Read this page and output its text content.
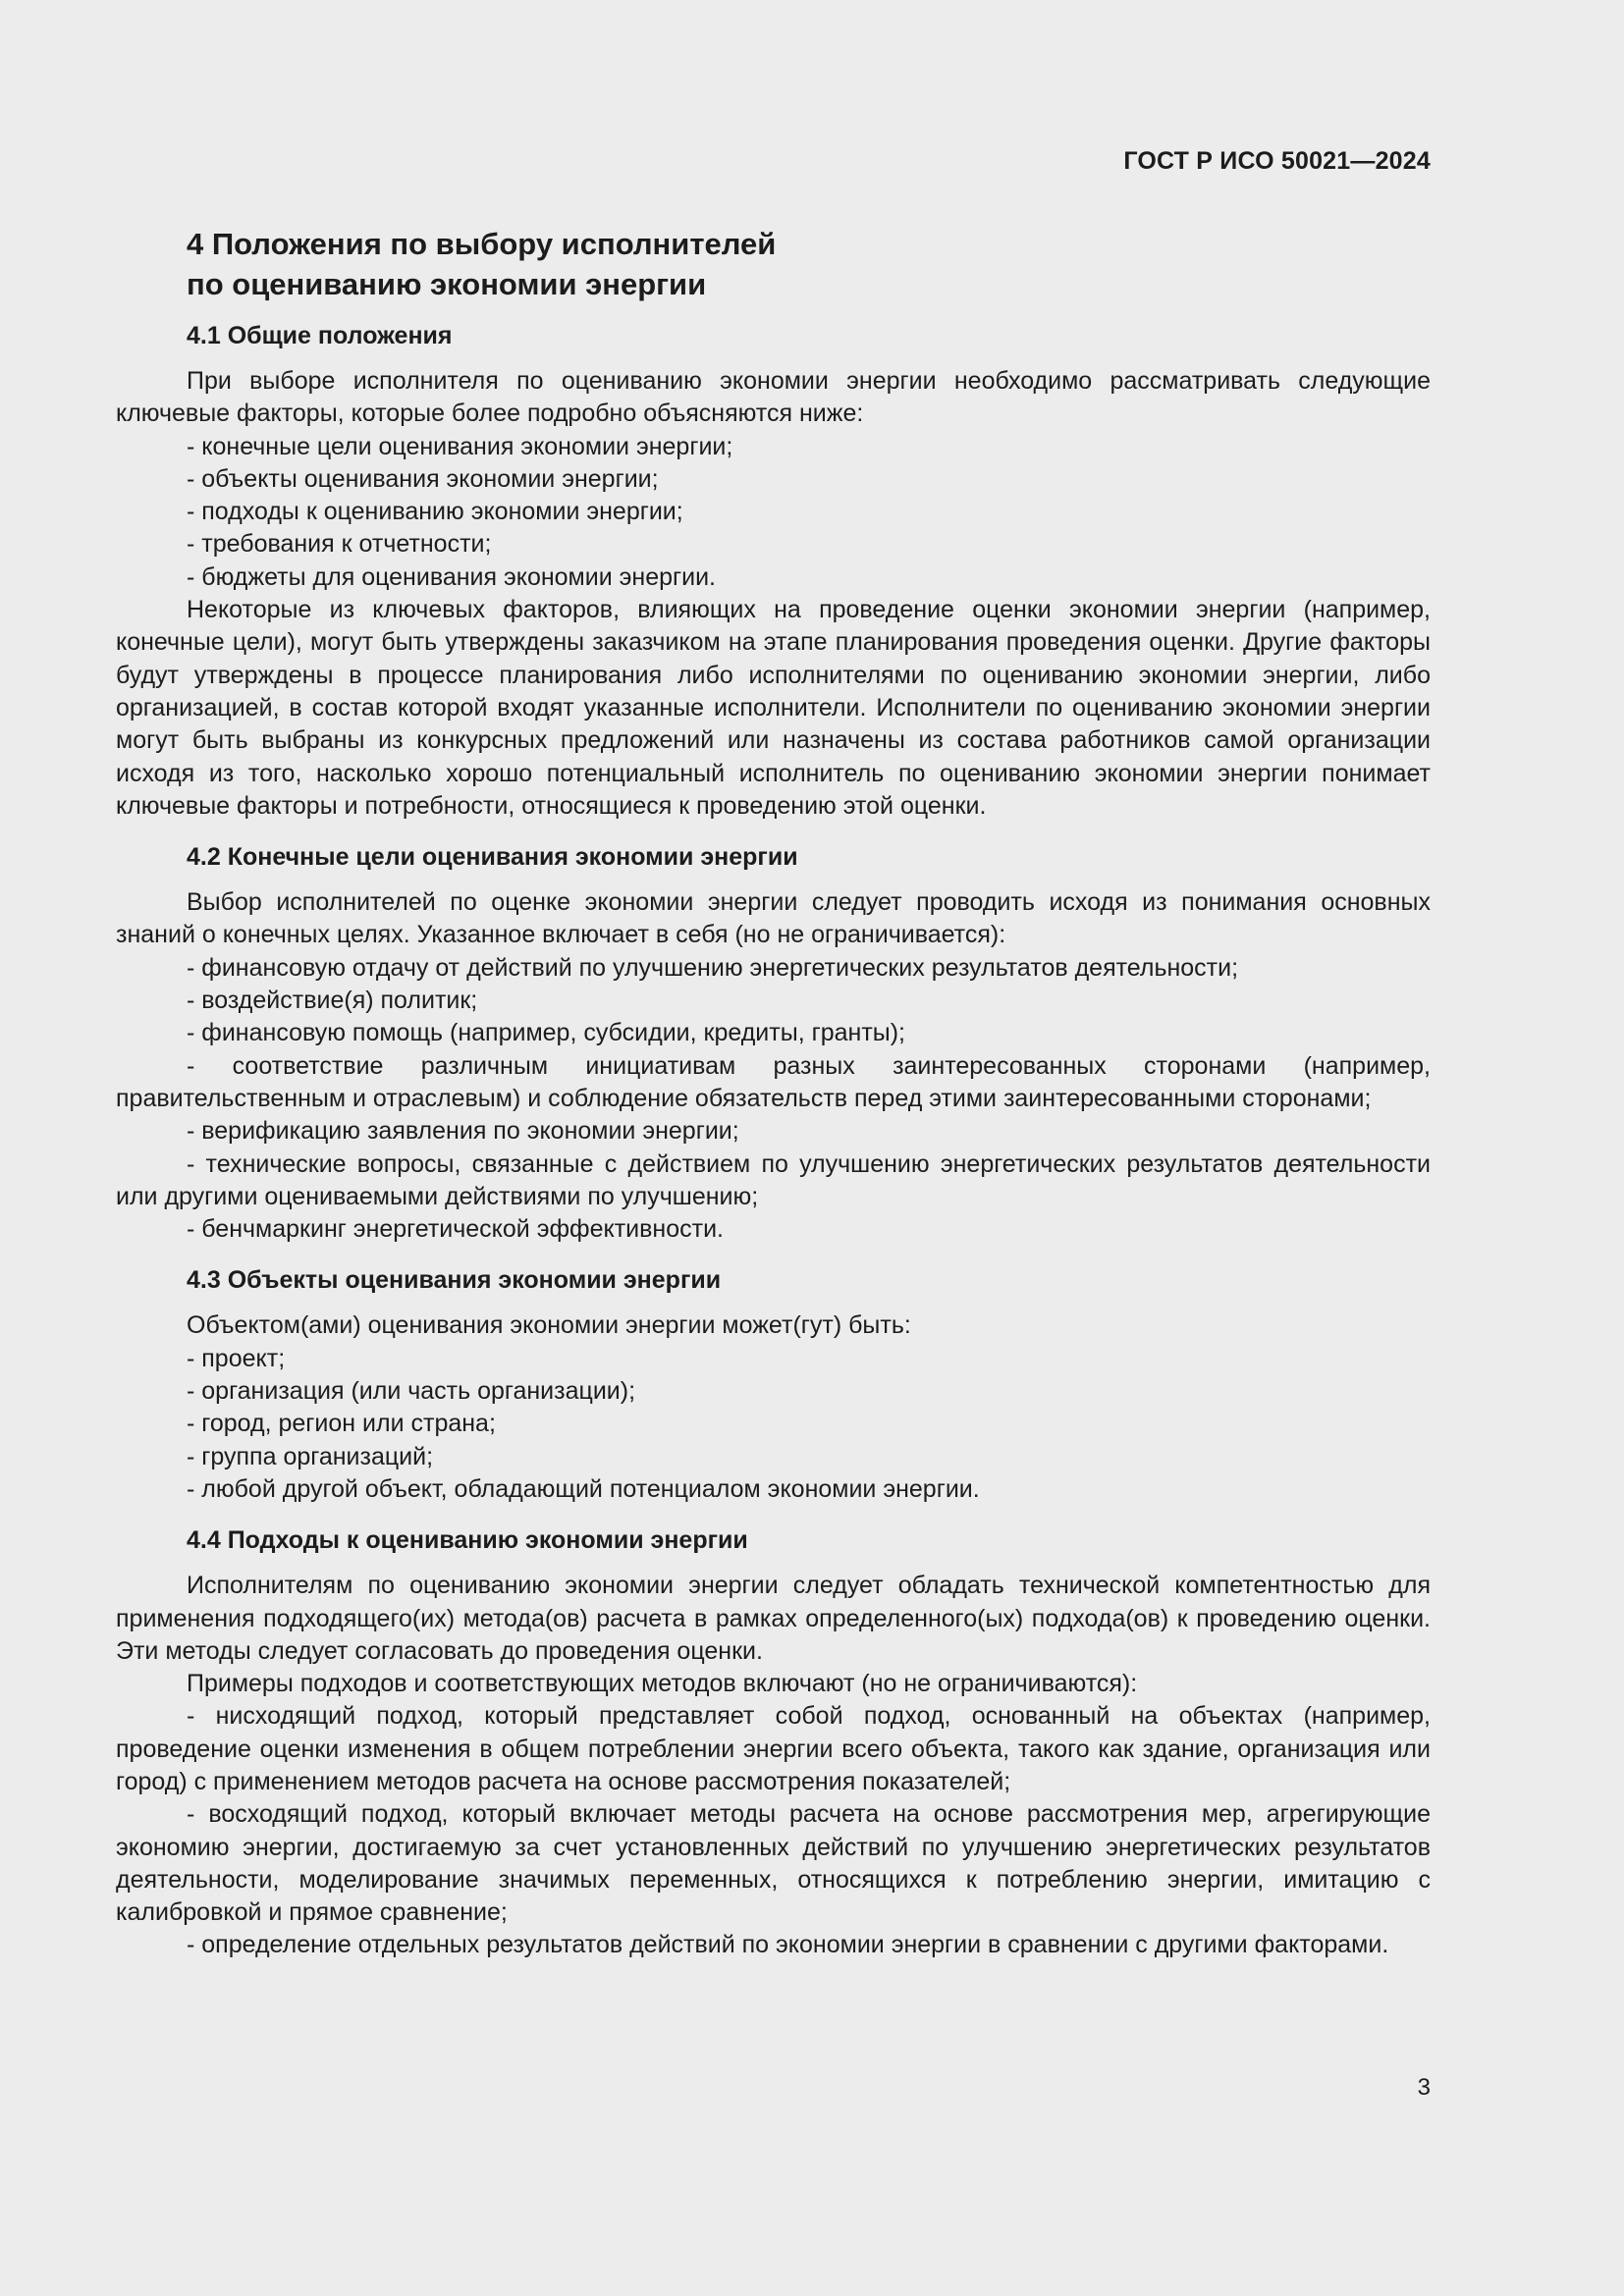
ГОСТ Р ИСО 50021—2024
4 Положения по выбору исполнителей
по оцениванию экономии энергии
4.1 Общие положения

При выборе исполнителя по оцениванию экономии энергии необходимо рассматривать следующие ключевые факторы, которые более подробно объясняются ниже:

- конечные цели оценивания экономии энергии;

- объекты оценивания экономии энергии;

- подходы к оцениванию экономии энергии;

- требования к отчетности;

- бюджеты для оценивания экономии энергии.

Некоторые из ключевых факторов, влияющих на проведение оценки экономии энергии (например, конечные цели), могут быть утверждены заказчиком на этапе планирования проведения оценки. Другие факторы будут утверждены в процессе планирования либо исполнителями по оцениванию экономии энергии, либо организацией, в состав которой входят указанные исполнители. Исполнители по оцениванию экономии энергии могут быть выбраны из конкурсных предложений или назначены из состава работников самой организации исходя из того, насколько хорошо потенциальный исполнитель по оцениванию экономии энергии понимает ключевые факторы и потребности, относящиеся к проведению этой оценки.

4.2 Конечные цели оценивания экономии энергии

Выбор исполнителей по оценке экономии энергии следует проводить исходя из понимания основных знаний о конечных целях. Указанное включает в себя (но не ограничивается):

- финансовую отдачу от действий по улучшению энергетических результатов деятельности;

- воздействие(я) политик;

- финансовую помощь (например, субсидии, кредиты, гранты);

- соответствие различным инициативам разных заинтересованных сторонами (например, правительственным и отраслевым) и соблюдение обязательств перед этими заинтересованными сторонами;

- верификацию заявления по экономии энергии;

- технические вопросы, связанные с действием по улучшению энергетических результатов деятельности или другими оцениваемыми действиями по улучшению;

- бенчмаркинг энергетической эффективности.

4.3 Объекты оценивания экономии энергии

Объектом(ами) оценивания экономии энергии может(гут) быть:

- проект;

- организация (или часть организации);

- город, регион или страна;

- группа организаций;

- любой другой объект, обладающий потенциалом экономии энергии.

4.4 Подходы к оцениванию экономии энергии

Исполнителям по оцениванию экономии энергии следует обладать технической компетентностью для применения подходящего(их) метода(ов) расчета в рамках определенного(ых) подхода(ов) к проведению оценки. Эти методы следует согласовать до проведения оценки.

Примеры подходов и соответствующих методов включают (но не ограничиваются):

- нисходящий подход, который представляет собой подход, основанный на объектах (например, проведение оценки изменения в общем потреблении энергии всего объекта, такого как здание, организация или город) с применением методов расчета на основе рассмотрения показателей;

- восходящий подход, который включает методы расчета на основе рассмотрения мер, агрегирующие экономию энергии, достигаемую за счет установленных действий по улучшению энергетических результатов деятельности, моделирование значимых переменных, относящихся к потреблению энергии, имитацию с калибровкой и прямое сравнение;

- определение отдельных результатов действий по экономии энергии в сравнении с другими факторами.

3
